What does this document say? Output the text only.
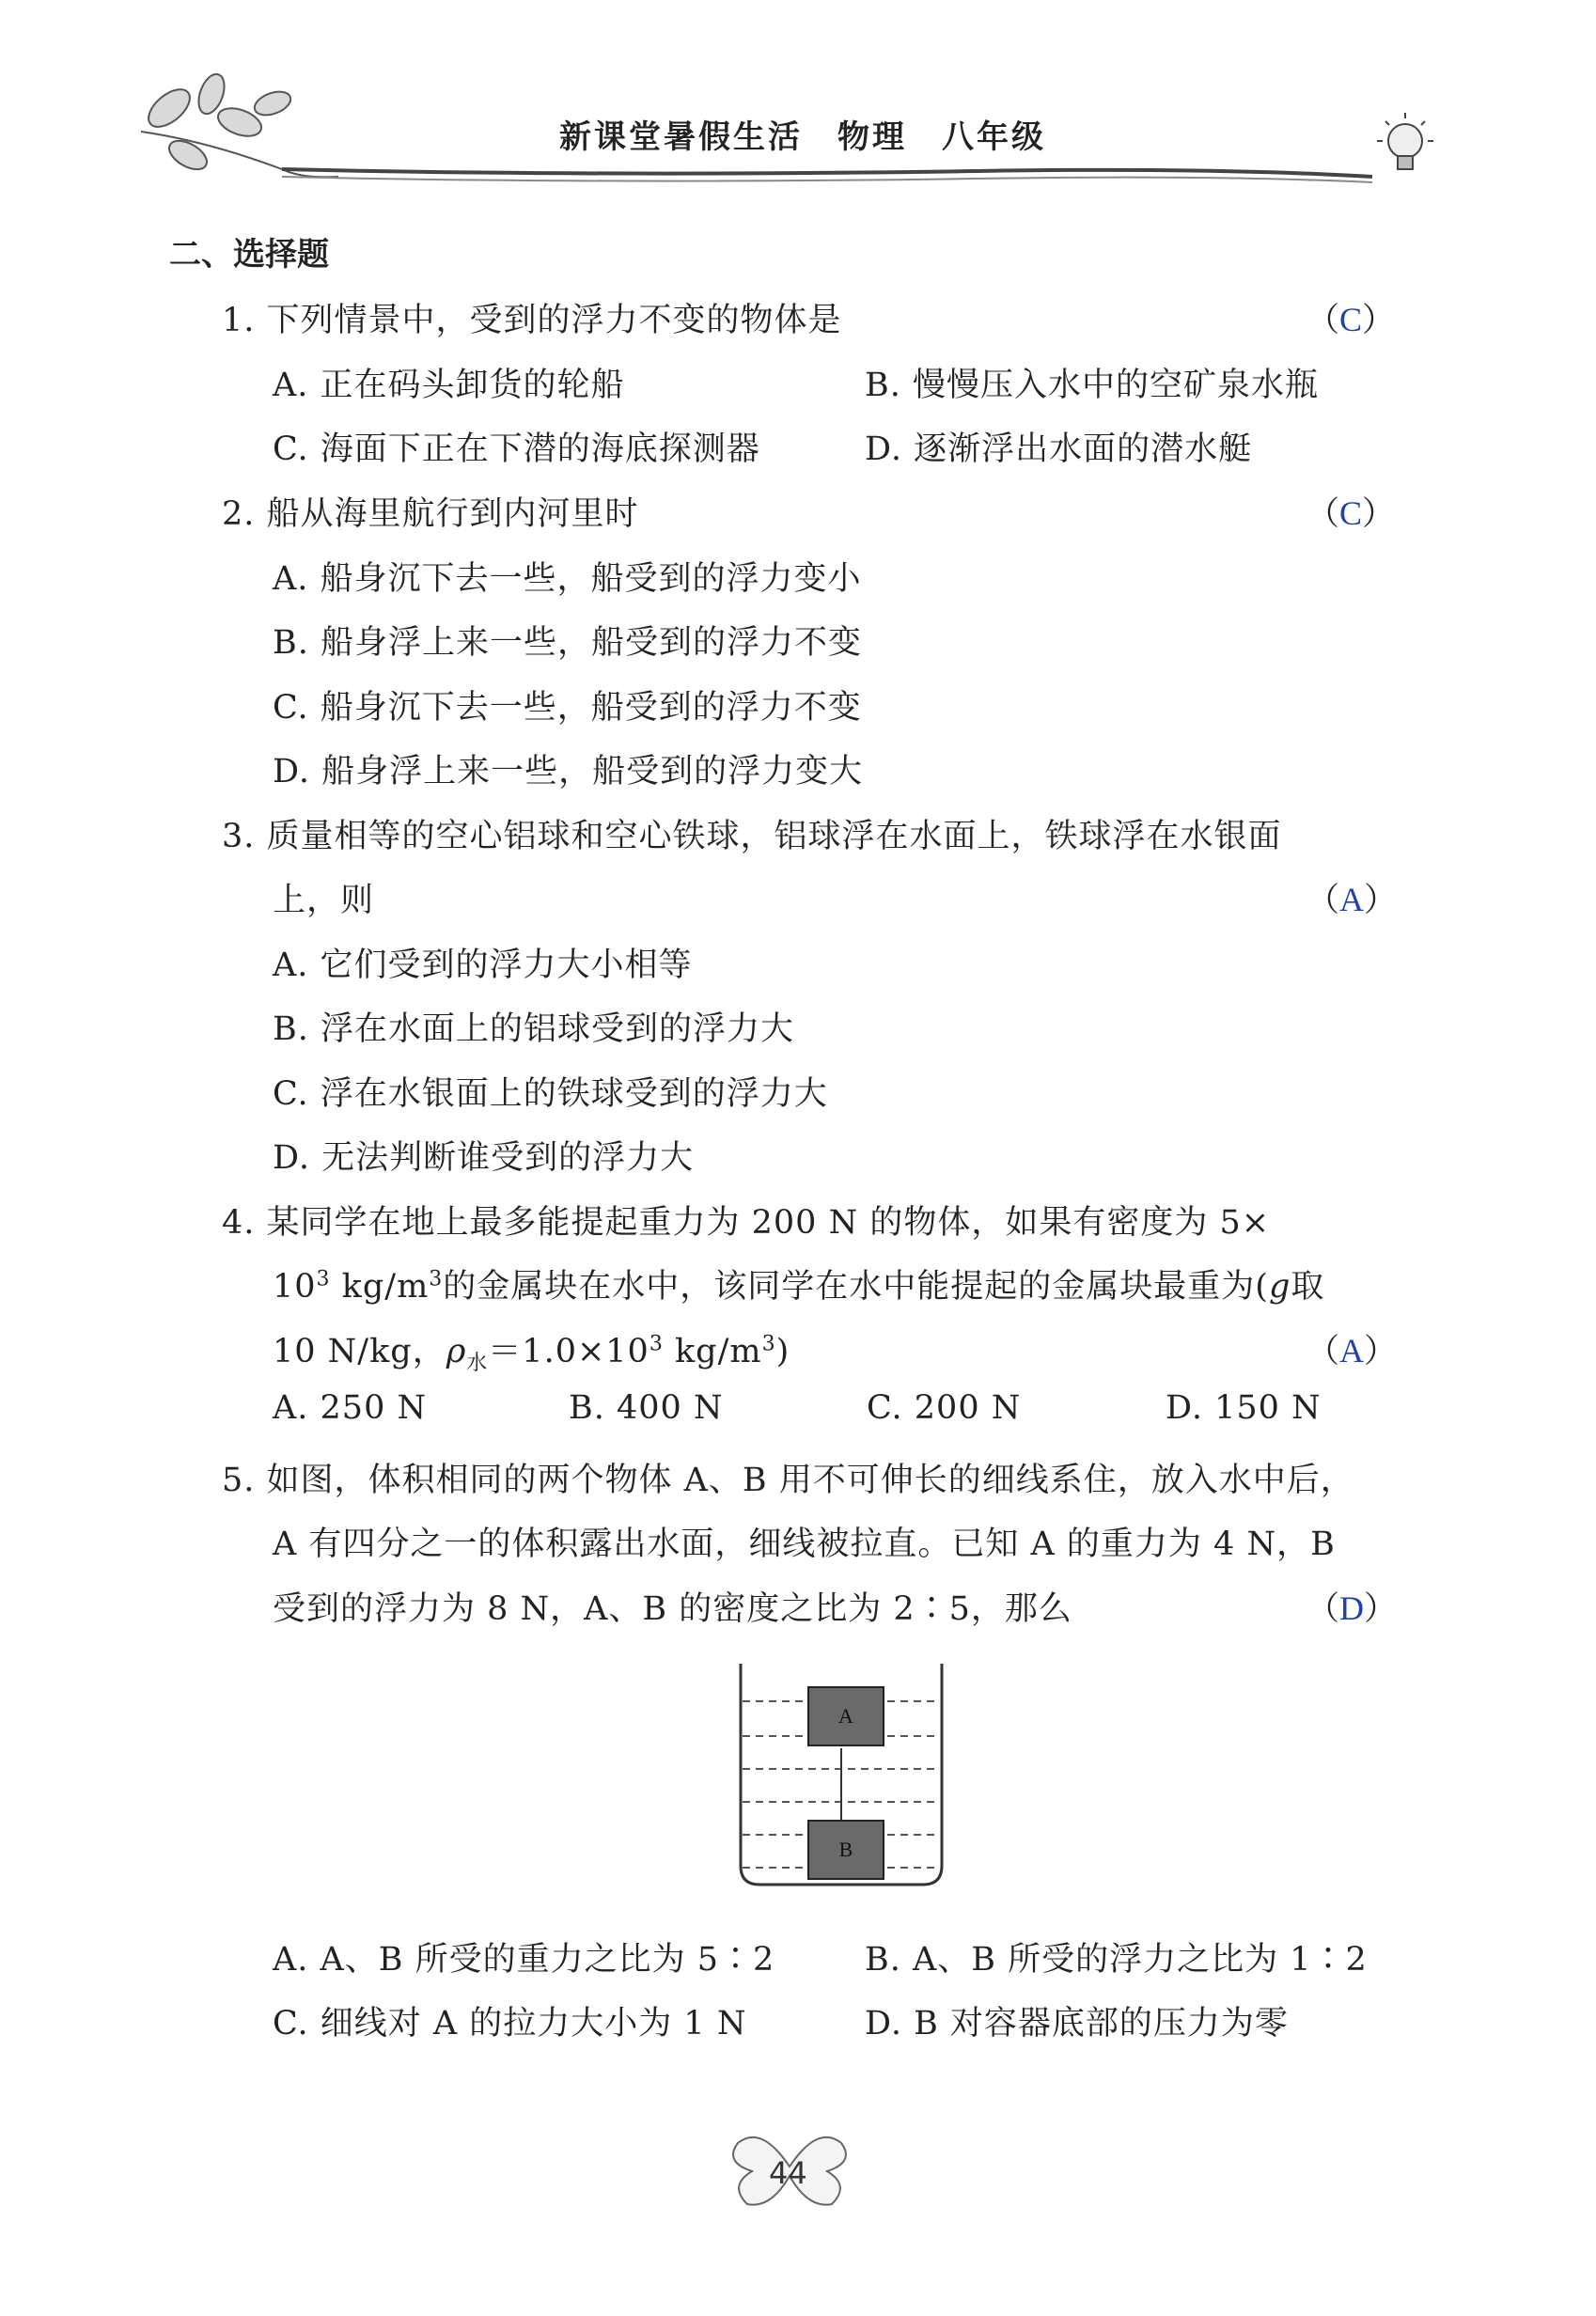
新课堂暑假生活　物理　八年级
二、选择题
1. 下列情景中，受到的浮力不变的物体是	（C）
A. 正在码头卸货的轮船	B. 慢慢压入水中的空矿泉水瓶
C. 海面下正在下潜的海底探测器	D. 逐渐浮出水面的潜水艇
2. 船从海里航行到内河里时	（C）
A. 船身沉下去一些，船受到的浮力变小
B. 船身浮上来一些，船受到的浮力不变
C. 船身沉下去一些，船受到的浮力不变
D. 船身浮上来一些，船受到的浮力变大
3. 质量相等的空心铝球和空心铁球，铝球浮在水面上，铁球浮在水银面
上，则	（A）
A. 它们受到的浮力大小相等
B. 浮在水面上的铝球受到的浮力大
C. 浮在水银面上的铁球受到的浮力大
D. 无法判断谁受到的浮力大
4. 某同学在地上最多能提起重力为 200 N 的物体，如果有密度为 5×
$10^3$ $kg/m^3$的金属块在水中，该同学在水中能提起的金属块最重为(g取
10 N/kg，$\rho_水=1.0\times 10^3$ $kg/m^3$)	（A）
A. 250 N	B. 400 N	C. 200 N	D. 150 N
5. 如图，体积相同的两个物体 A、B 用不可伸长的细线系住，放入水中后，
A 有四分之一的体积露出水面，细线被拉直。已知 A 的重力为 4 N，B
受到的浮力为 8 N，A、B 的密度之比为 2∶5，那么	（D）
A
B
A. A、B 所受的重力之比为 5∶2	B. A、B 所受的浮力之比为 1∶2
C. 细线对 A 的拉力大小为 1 N	D. B 对容器底部的压力为零
44
